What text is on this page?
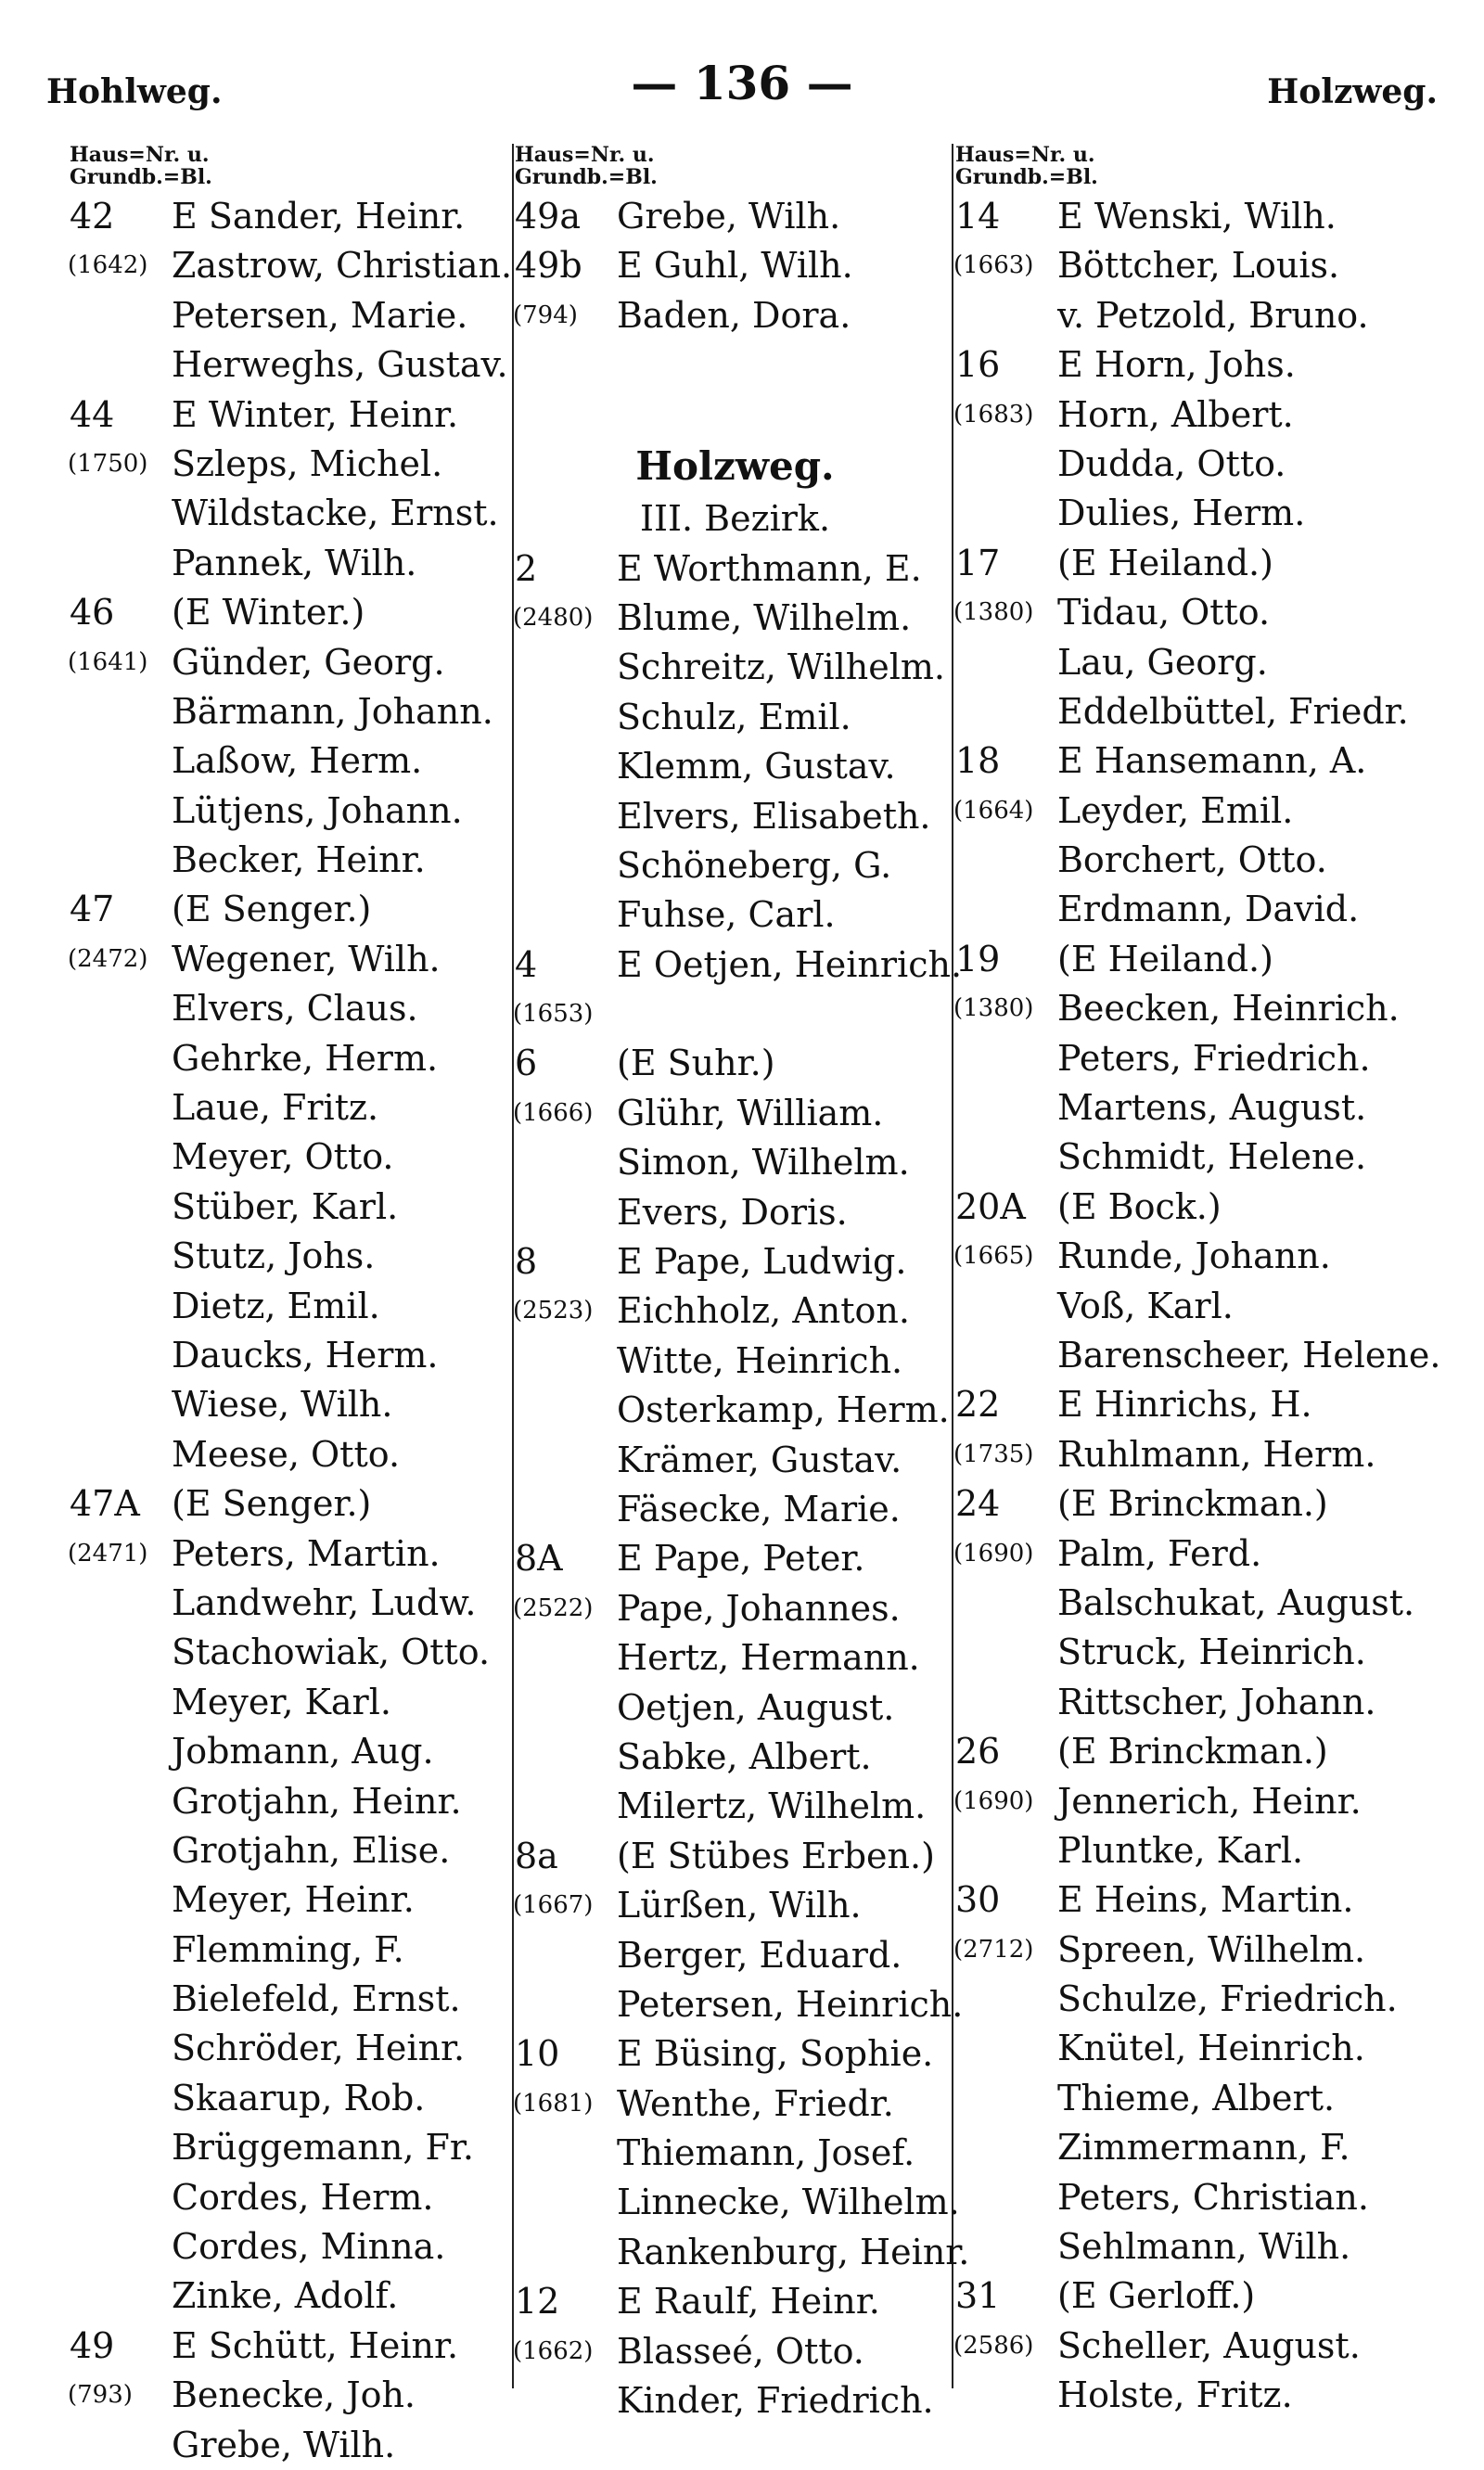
Hohlweg.	— 136 —	Holzweg.
Haus=Nr. u.
Grundb.=Bl.
42	E Sander, Heinr.
(1642) Zastrow, Christian.
Petersen, Marie.
Herweghs, Gustav.
44	E Winter, Heinr.
(1750) Szleps, Michel.
Wildstacke, Ernst.
Pannek, Wilh.
46	(E Winter.)
(1641) Günder, Georg.
Bärmann, Johann.
Laßow, Herm.
Lütjens, Johann.
Becker, Heinr.
47	(E Senger.)
(2472) Wegener, Wilh.
Elvers, Claus.
Gehrke, Herm.
Laue, Fritz.
Meyer, Otto.
Stüber, Karl.
Stutz, Johs.
Dietz, Emil.
Daucks, Herm.
Wiese, Wilh.
Meese, Otto.
47A (E Senger.)
(2471) Peters, Martin.
Landwehr, Ludw.
Stachowiak, Otto.
Meyer, Karl.
Jobmann, Aug.
Grotjahn, Heinr.
Grotjahn, Elise.
Meyer, Heinr.
Flemming, F.
Bielefeld, Ernst.
Schröder, Heinr.
Skaarup, Rob.
Brüggemann, Fr.
Cordes, Herm.
Cordes, Minna.
Zinke, Adolf.
49	E Schütt, Heinr.
(793)	Benecke, Joh.
Grebe, Wilh.
Haus=Nr. u.
Grundb.=Bl.
49a	Grebe, Wilh.
49b E Guhl, Wilh.
(794)	Baden, Dora.
Holzweg.
III. Bezirk.
2	E Worthmann, E.
(2480) Blume, Wilhelm.
Schreitz, Wilhelm.
Schulz, Emil.
Klemm, Gustav.
Elvers, Elisabeth.
Schöneberg, G.
Fuhse, Carl.
4	E Oetjen, Heinrich.
(1653)
6	(E Suhr.)
(1666) Glühr, William.
Simon, Wilhelm.
Evers, Doris.
8	E Pape, Ludwig.
(2523) Eichholz, Anton.
Witte, Heinrich.
Osterkamp, Herm.
Krämer, Gustav.
Fäsecke, Marie.
8A	E Pape, Peter.
(2522) Pape, Johannes.
Hertz, Hermann.
Oetjen, August.
Sabke, Albert.
Milertz, Wilhelm.
8a	(E Stübes Erben.)
(1667) Lürßen, Wilh.
Berger, Eduard.
Petersen, Heinrich.
10	E Büsing, Sophie.
(1681) Wenthe, Friedr.
Thiemann, Josef.
Linnecke, Wilhelm.
Rankenburg, Heinr.
12	E Raulf, Heinr.
(1662) Blasseé, Otto.
Kinder, Friedrich.
Haus=Nr. u.
Grundb.=Bl.
14	E Wenski, Wilh.
(1663) Böttcher, Louis.
v. Petzold, Bruno.
16	E Horn, Johs.
(1683) Horn, Albert.
Dudda, Otto.
Dulies, Herm.
17	(E Heiland.)
(1380) Tidau, Otto.
Lau, Georg.
Eddelbüttel, Friedr.
18	E Hansemann, A.
(1664) Leyder, Emil.
Borchert, Otto.
Erdmann, David.
19	(E Heiland.)
(1380) Beecken, Heinrich.
Peters, Friedrich.
Martens, August.
Schmidt, Helene.
20A (E Bock.)
(1665) Runde, Johann.
Voß, Karl.
Barenscheer, Helene.
22	E Hinrichs, H.
(1735) Ruhlmann, Herm.
24	(E Brinckman.)
(1690) Palm, Ferd.
Balschukat, August.
Struck, Heinrich.
Rittscher, Johann.
26	(E Brinckman.)
(1690) Jennerich, Heinr.
Pluntke, Karl.
30	E Heins, Martin.
(2712) Spreen, Wilhelm.
Schulze, Friedrich.
Knütel, Heinrich.
Thieme, Albert.
Zimmermann, F.
Peters, Christian.
Sehlmann, Wilh.
31	(E Gerloff.)
(2586) Scheller, August.
Holste, Fritz.
